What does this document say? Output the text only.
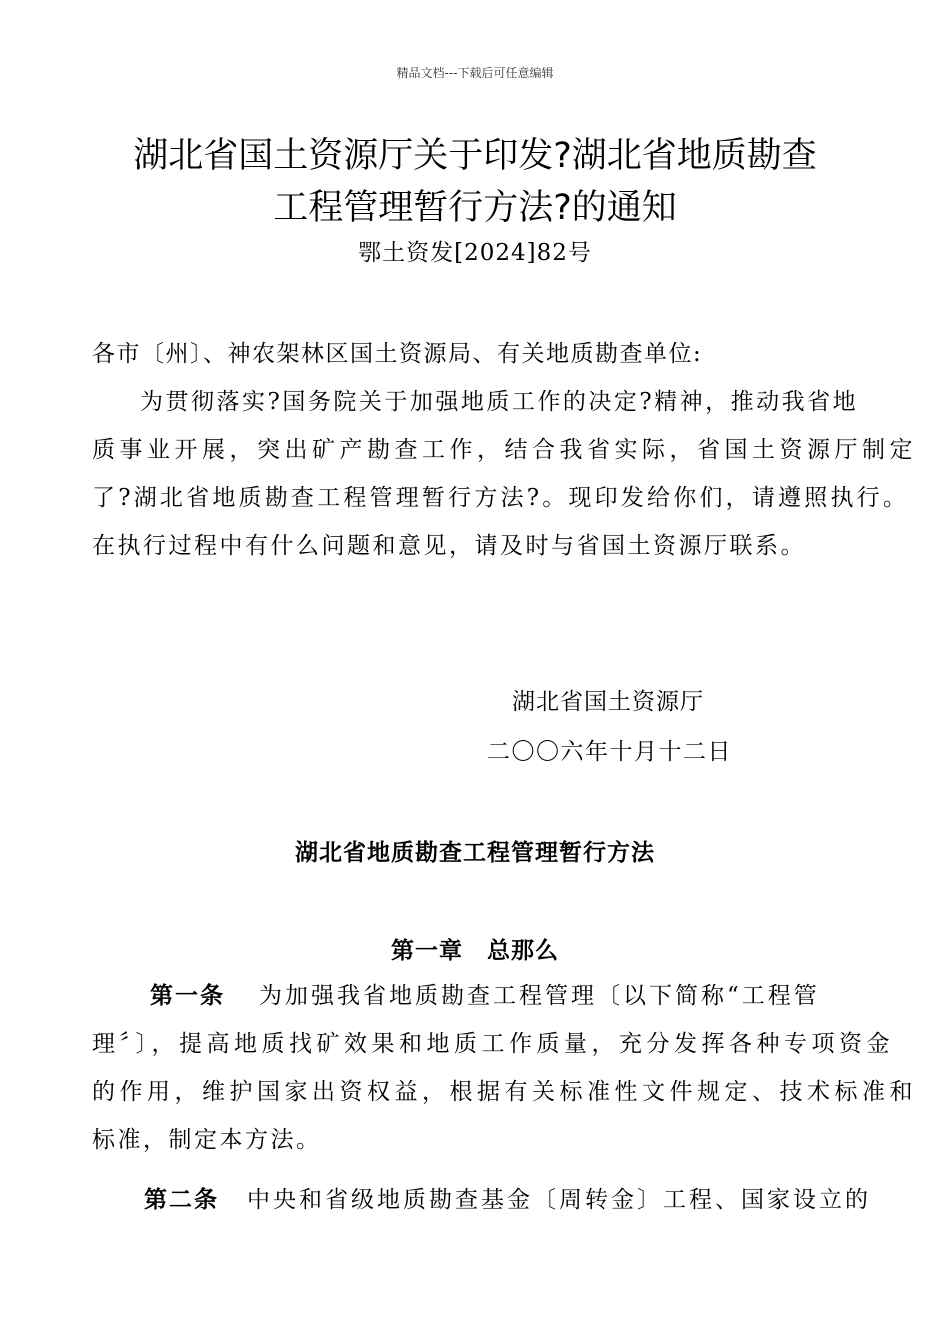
精品文档---下载后可任意编辑
湖北省国土资源厅关于印发?湖北省地质勘查
工程管理暂行方法?的通知
鄂土资发[2024]82号
各市〔州〕、神农架林区国土资源局、有关地质勘查单位:
为贯彻落实?国务院关于加强地质工作的决定?精神，推动我省地
质事业开展，突出矿产勘查工作，结合我省实际，省国土资源厅制定
了?湖北省地质勘查工程管理暂行方法?。现印发给你们，请遵照执行。
在执行过程中有什么问题和意见，请及时与省国土资源厅联系。
湖北省国土资源厅
二〇〇六年十月十二日
湖北省地质勘查工程管理暂行方法
第一章　总那么
第一条 为加强我省地质勘查工程管理〔以下简称“工程管
理〞〕，提高地质找矿效果和地质工作质量，充分发挥各种专项资金
的作用，维护国家出资权益，根据有关标准性文件规定、技术标准和
标准，制定本方法。
第二条 中央和省级地质勘查基金〔周转金〕工程、国家设立的
